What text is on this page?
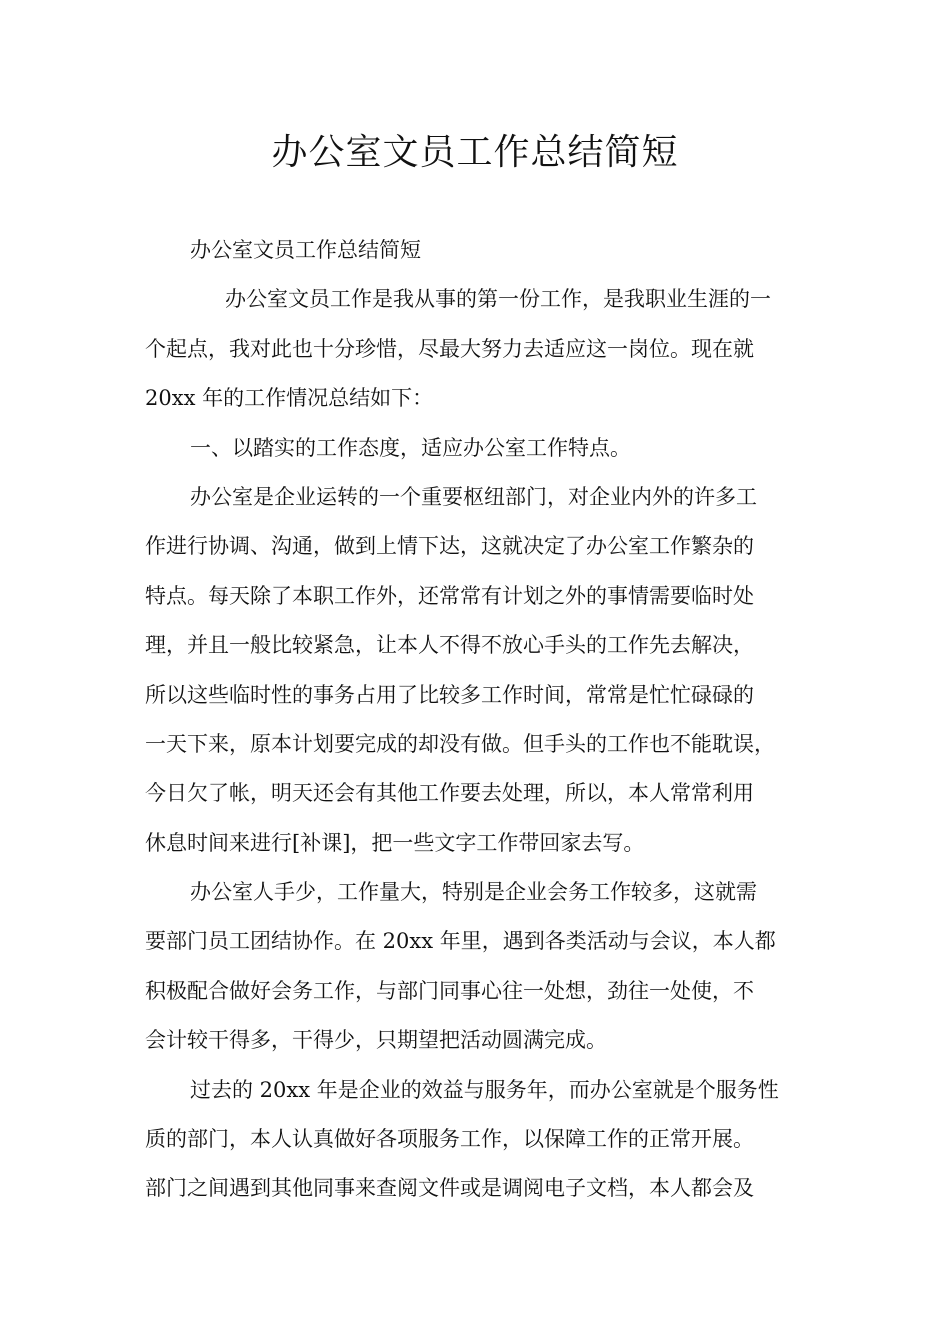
办公室文员工作总结简短
办公室文员工作总结简短
办公室文员工作是我从事的第一份工作，是我职业生涯的一
个起点，我对此也十分珍惜，尽最大努力去适应这一岗位。现在就
20xx 年的工作情况总结如下：
一、以踏实的工作态度，适应办公室工作特点。
办公室是企业运转的一个重要枢纽部门，对企业内外的许多工
作进行协调、沟通，做到上情下达，这就决定了办公室工作繁杂的
特点。每天除了本职工作外，还常常有计划之外的事情需要临时处
理，并且一般比较紧急，让本人不得不放心手头的工作先去解决，
所以这些临时性的事务占用了比较多工作时间，常常是忙忙碌碌的
一天下来，原本计划要完成的却没有做。但手头的工作也不能耽误，
今日欠了帐，明天还会有其他工作要去处理，所以，本人常常利用
休息时间来进行[补课]，把一些文字工作带回家去写。
办公室人手少，工作量大，特别是企业会务工作较多，这就需
要部门员工团结协作。在 20xx 年里，遇到各类活动与会议，本人都
积极配合做好会务工作，与部门同事心往一处想，劲往一处使，不
会计较干得多，干得少，只期望把活动圆满完成。
过去的 20xx 年是企业的效益与服务年，而办公室就是个服务性
质的部门，本人认真做好各项服务工作，以保障工作的正常开展。
部门之间遇到其他同事来查阅文件或是调阅电子文档，本人都会及
